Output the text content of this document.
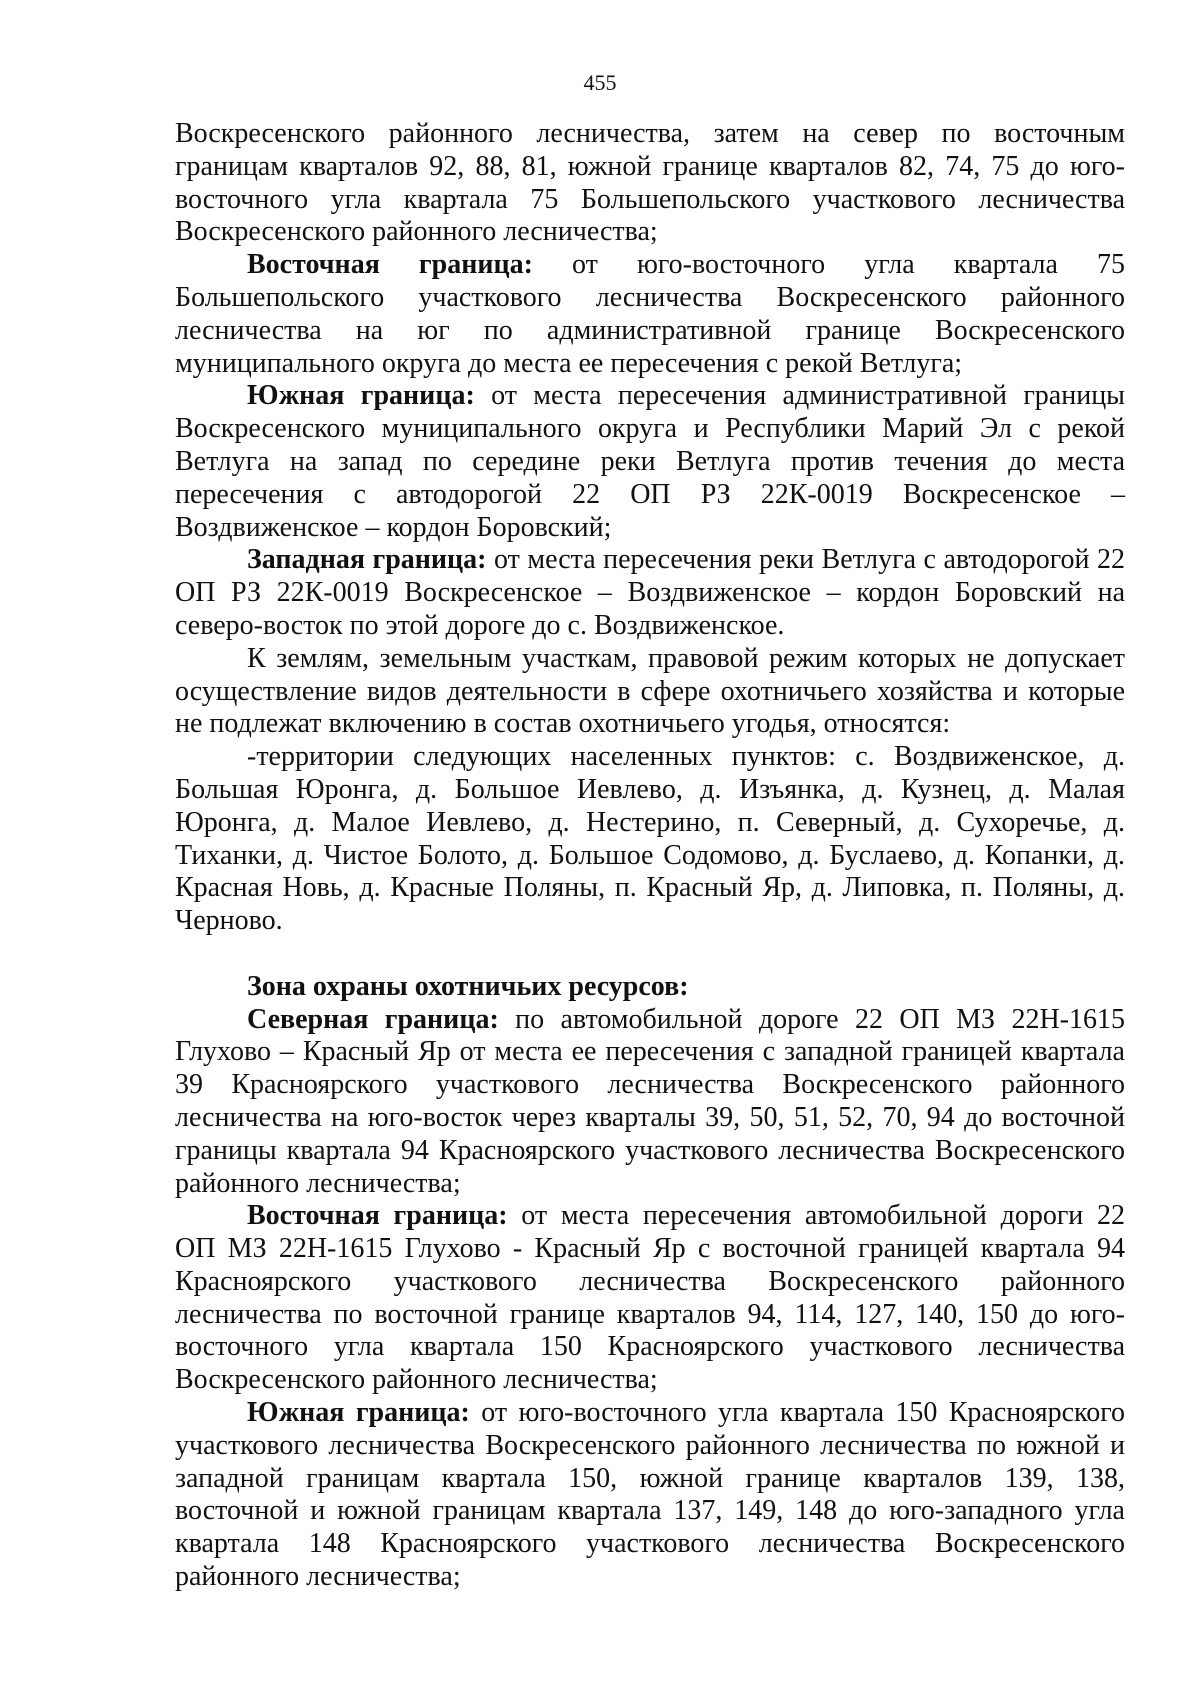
455

Воскресенского районного лесничества, затем на север по восточным границам кварталов 92, 88, 81, южной границе кварталов 82, 74, 75 до юго-восточного угла квартала 75 Большепольского участкового лесничества Воскресенского районного лесничества;

Восточная граница: от юго-восточного угла квартала 75 Большепольского участкового лесничества Воскресенского районного лесничества на юг по административной границе Воскресенского муниципального округа до места ее пересечения с рекой Ветлуга;

Южная граница: от места пересечения административной границы Воскресенского муниципального округа и Республики Марий Эл с рекой Ветлуга на запад по середине реки Ветлуга против течения до места пересечения с автодорогой 22 ОП РЗ 22К-0019 Воскресенское – Воздвиженское – кордон Боровский;

Западная граница: от места пересечения реки Ветлуга с автодорогой 22 ОП РЗ 22К-0019 Воскресенское – Воздвиженское – кордон Боровский на северо-восток по этой дороге до с. Воздвиженское.

К землям, земельным участкам, правовой режим которых не допускает осуществление видов деятельности в сфере охотничьего хозяйства и которые не подлежат включению в состав охотничьего угодья, относятся:

-территории следующих населенных пунктов: с. Воздвиженское, д. Большая Юронга, д. Большое Иевлево, д. Изъянка, д. Кузнец, д. Малая Юронга, д. Малое Иевлево, д. Нестерино, п. Северный, д. Сухоречье, д. Тиханки, д. Чистое Болото, д. Большое Содомово, д. Буслаево, д. Копанки, д. Красная Новь, д. Красные Поляны, п. Красный Яр, д. Липовка, п. Поляны, д. Черново.

Зона охраны охотничьих ресурсов:

Северная граница: по автомобильной дороге 22 ОП МЗ 22Н-1615 Глухово – Красный Яр от места ее пересечения с западной границей квартала 39 Красноярского участкового лесничества Воскресенского районного лесничества на юго-восток через кварталы 39, 50, 51, 52, 70, 94 до восточной границы квартала 94 Красноярского участкового лесничества Воскресенского районного лесничества;

Восточная граница: от места пересечения автомобильной дороги 22 ОП МЗ 22Н-1615 Глухово - Красный Яр с восточной границей квартала 94 Красноярского участкового лесничества Воскресенского районного лесничества по восточной границе кварталов 94, 114, 127, 140, 150 до юго-восточного угла квартала 150 Красноярского участкового лесничества Воскресенского районного лесничества;

Южная граница: от юго-восточного угла квартала 150 Красноярского участкового лесничества Воскресенского районного лесничества по южной и западной границам квартала 150, южной границе кварталов 139, 138, восточной и южной границам квартала 137, 149, 148 до юго-западного угла квартала 148 Красноярского участкового лесничества Воскресенского районного лесничества;
